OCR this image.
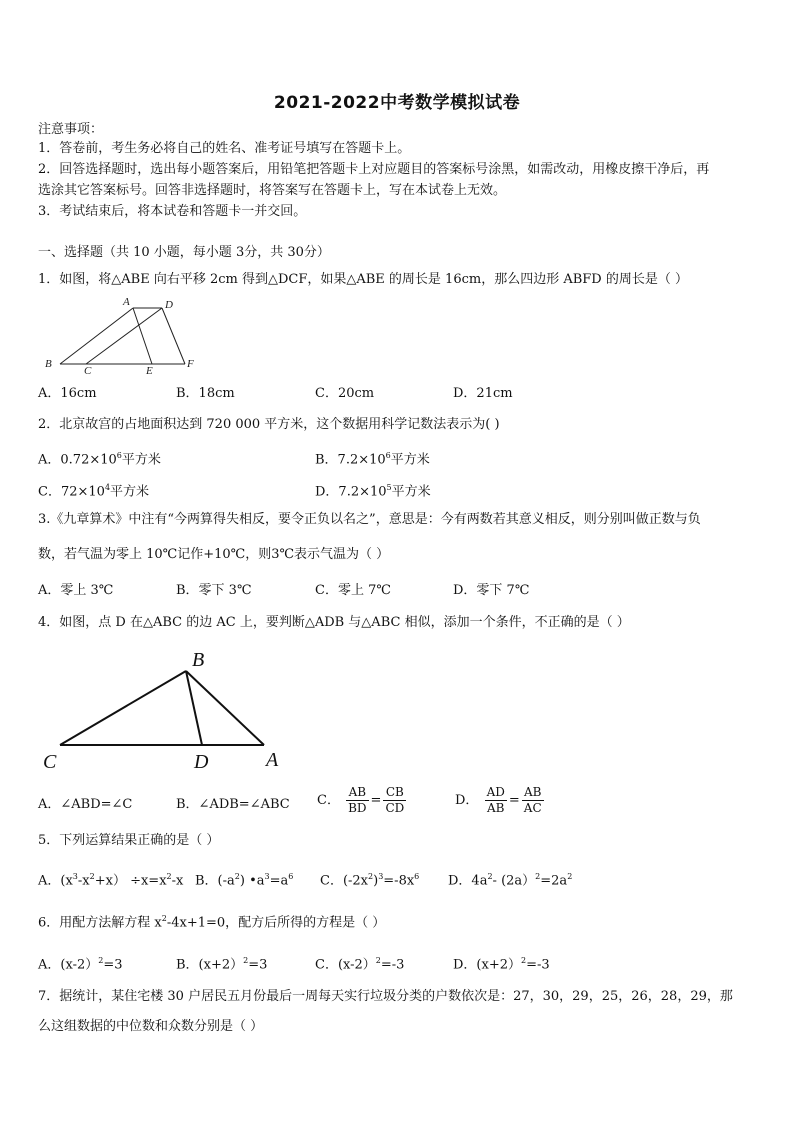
2021-2022中考数学模拟试卷
注意事项：
1．答卷前，考生务必将自己的姓名、准考证号填写在答题卡上。
2．回答选择题时，选出每小题答案后，用铅笔把答题卡上对应题目的答案标号涂黑，如需改动，用橡皮擦干净后，再
选涂其它答案标号。回答非选择题时，将答案写在答题卡上，写在本试卷上无效。
3．考试结束后，将本试卷和答题卡一并交回。
一、选择题（共 10 小题，每小题 3分，共 30分）
1．如图，将△ABE 向右平移 2cm 得到△DCF，如果△ABE 的周长是 16cm，那么四边形 ABFD 的周长是（ ）
A	D
B
C	E
F
A．16cm	B．18cm	C．20cm	D．21cm
2．北京故宫的占地面积达到 720 000 平方米，这个数据用科学记数法表示为( )
A．$0.72\times 10^6$平方米	B．$7.2\times 10^6$平方米
C．$72\times 10^4$平方米	D．$7.2\times 10^5$平方米
3.《九章算术》中注有“今两算得失相反，要令正负以名之”，意思是：今有两数若其意义相反，则分别叫做正数与负
数，若气温为零上 10℃记作+10℃，则3℃表示气温为（ ）
A．零上 3℃	B．零下 3℃	C．零上 7℃	D．零下 7℃
4．如图，点 D 在△ABC 的边 AC 上，要判断△ADB 与△ABC 相似，添加一个条件，不正确的是（ ）
B
C	D	A
A．∠ABD=∠C	B．∠ADB=∠ABC C． $\frac{AB}{BD} = \frac{CB}{CD}$	D． $\frac{AD}{AB} = \frac{AB}{AC}$
5．下列运算结果正确的是（ ）
A．$(x^3-x^2+x) \div x=x^2-x$ B．$(-a^2)$ $•a^3=a^6$ C．$(-2x^2)^3=-8x^6$ D．$4a^2-$ $(2a)^2=2a^2$
6．用配方法解方程 $x^2-4x+1=0$，配方后所得的方程是（ ）
A．(x-2）$^2$=3	B．(x+2）$^2$=3	C．(x-2）$^2$=-3	D．(x+2）$^2$=-3
7．据统计，某住宅楼 30 户居民五月份最后一周每天实行垃圾分类的户数依次是：27，30，29，25，26，28，29，那
么这组数据的中位数和众数分别是（ ）
